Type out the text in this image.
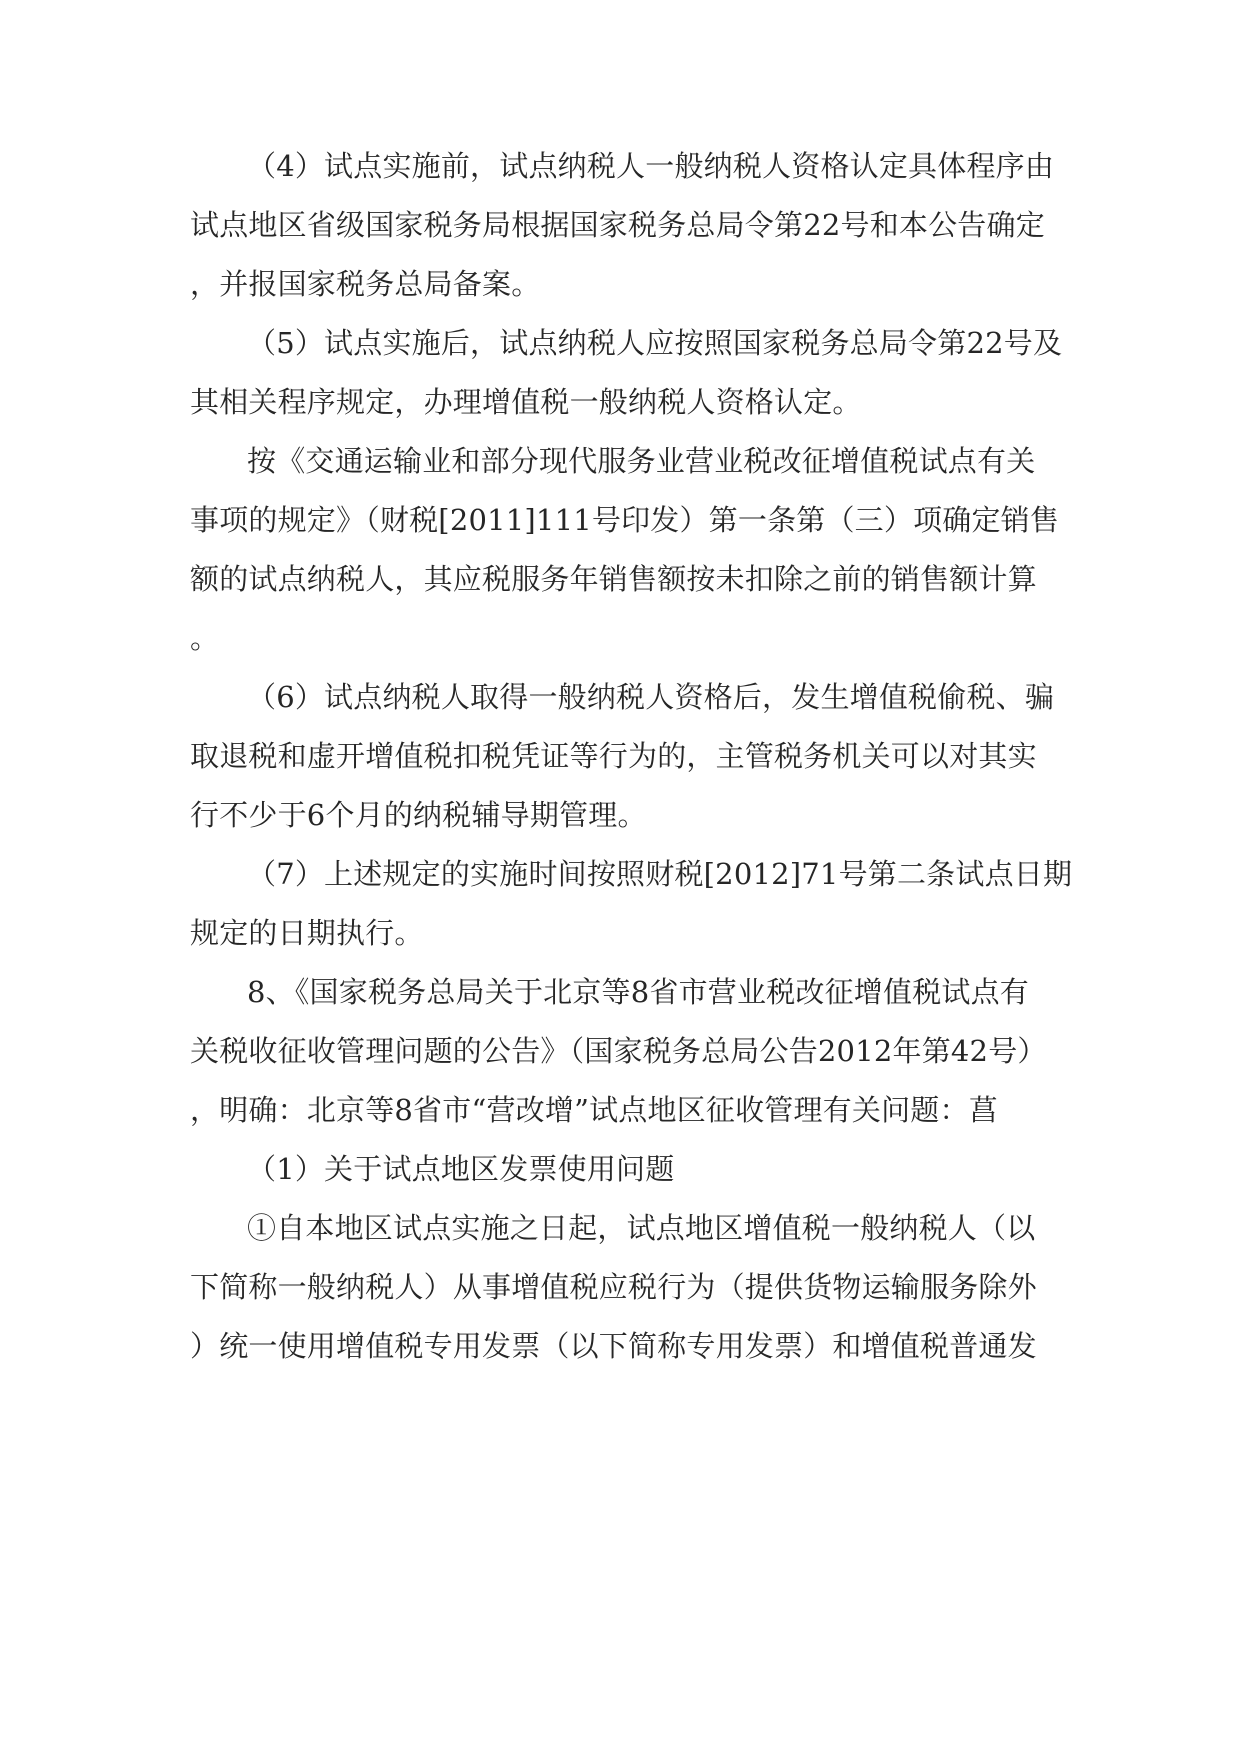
（4）试点实施前，试点纳税人一般纳税人资格认定具体程序由
试点地区省级国家税务局根据国家税务总局令第22号和本公告确定
，并报国家税务总局备案。
（5）试点实施后，试点纳税人应按照国家税务总局令第22号及
其相关程序规定，办理增值税一般纳税人资格认定。
按《交通运输业和部分现代服务业营业税改征增值税试点有关
事项的规定》（财税[2011]111号印发）第一条第（三）项确定销售
额的试点纳税人，其应税服务年销售额按未扣除之前的销售额计算
。
（6）试点纳税人取得一般纳税人资格后，发生增值税偷税、骗
取退税和虚开增值税扣税凭证等行为的，主管税务机关可以对其实
行不少于6个月的纳税辅导期管理。
（7）上述规定的实施时间按照财税[2012]71号第二条试点日期
规定的日期执行。
8、《国家税务总局关于北京等8省市营业税改征增值税试点有
关税收征收管理问题的公告》（国家税务总局公告2012年第42号）
，明确：北京等8省市“营改增”试点地区征收管理有关问题：菖
（1）关于试点地区发票使用问题
①自本地区试点实施之日起，试点地区增值税一般纳税人（以
下简称一般纳税人）从事增值税应税行为（提供货物运输服务除外
）统一使用增值税专用发票（以下简称专用发票）和增值税普通发
